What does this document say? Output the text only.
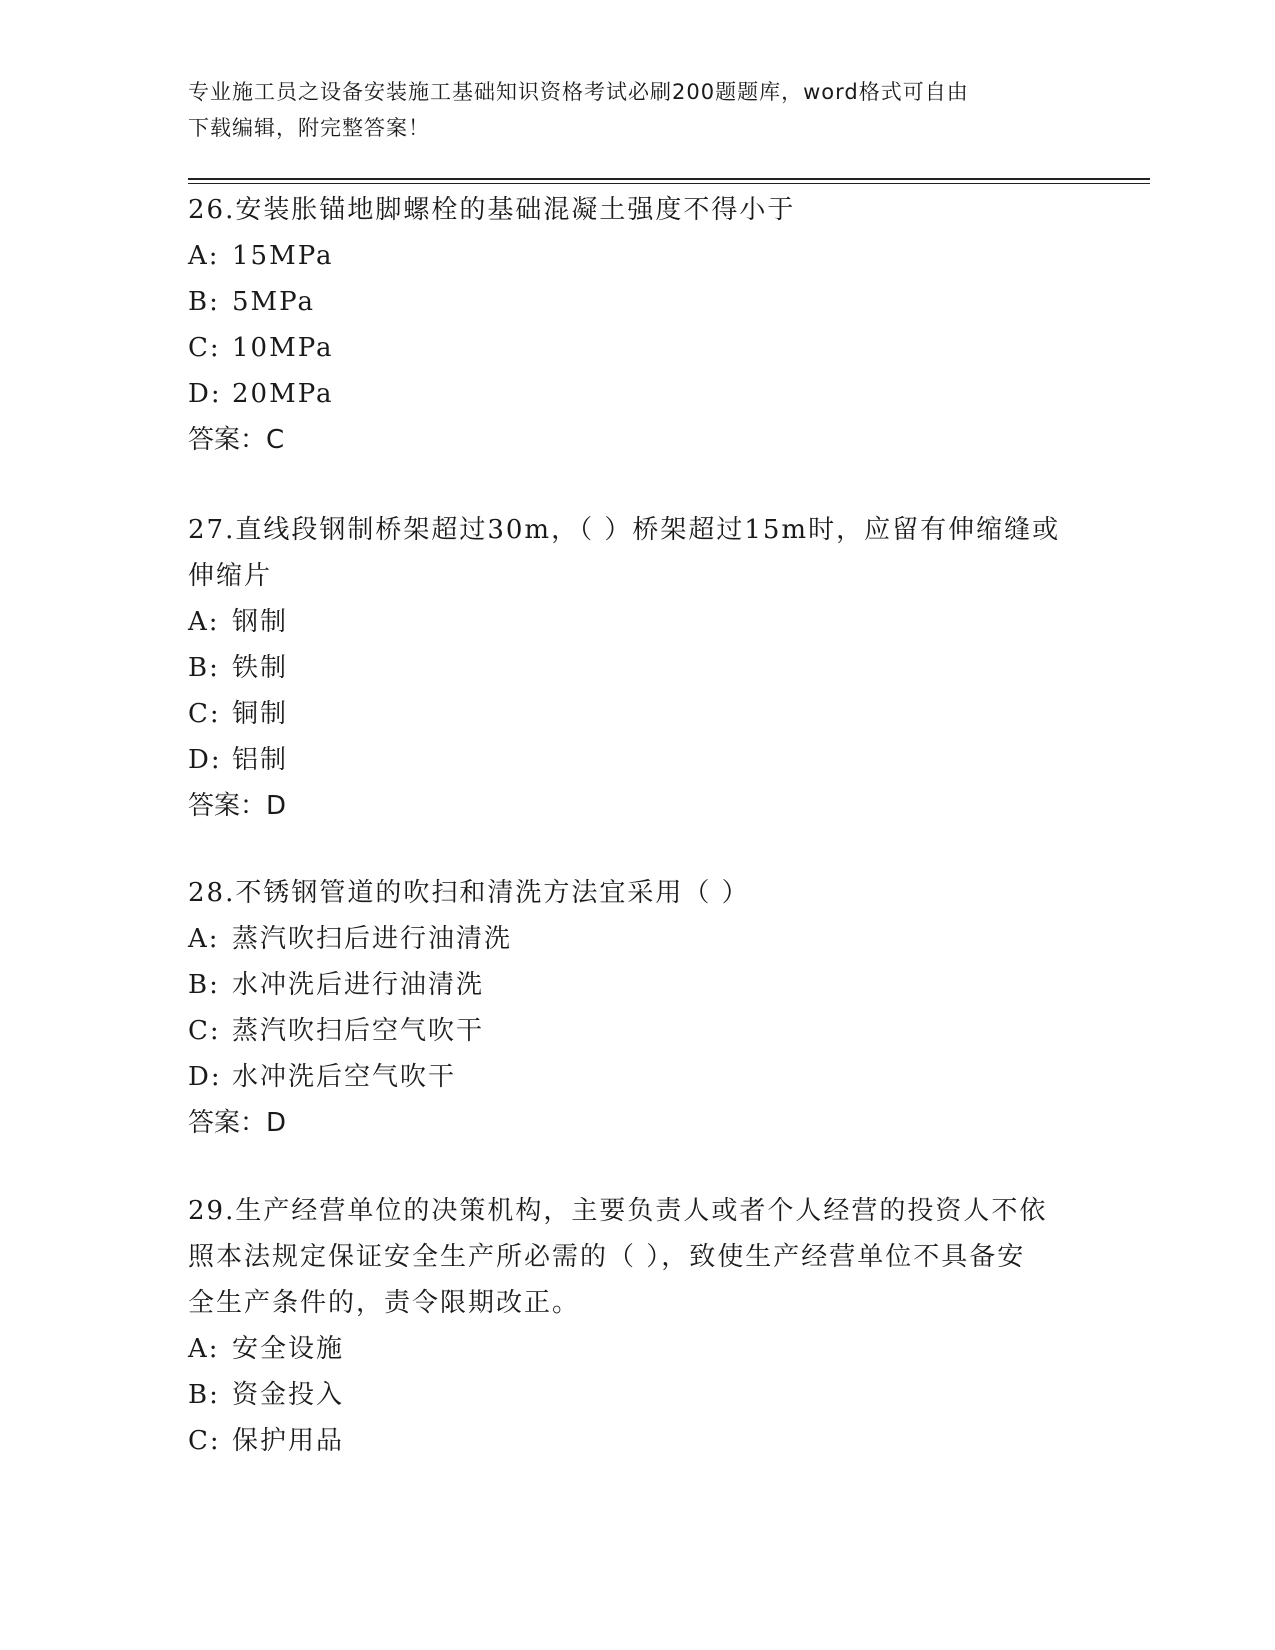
专业施工员之设备安装施工基础知识资格考试必刷200题题库，word格式可自由
下载编辑，附完整答案！

26.安装胀锚地脚螺栓的基础混凝土强度不得小于

A: 15MPa

B: 5MPa

C: 10MPa

D: 20MPa

答案：C

27.直线段钢制桥架超过30m，（ ）桥架超过15m时，应留有伸缩缝或

伸缩片

A: 钢制

B: 铁制

C: 铜制

D: 铝制

答案：D

28.不锈钢管道的吹扫和清洗方法宜采用（ ）

A: 蒸汽吹扫后进行油清洗

B: 水冲洗后进行油清洗

C: 蒸汽吹扫后空气吹干

D: 水冲洗后空气吹干

答案：D

29.生产经营单位的决策机构，主要负责人或者个人经营的投资人不依

照本法规定保证安全生产所必需的（ ），致使生产经营单位不具备安

全生产条件的，责令限期改正。

A: 安全设施

B: 资金投入

C: 保护用品
